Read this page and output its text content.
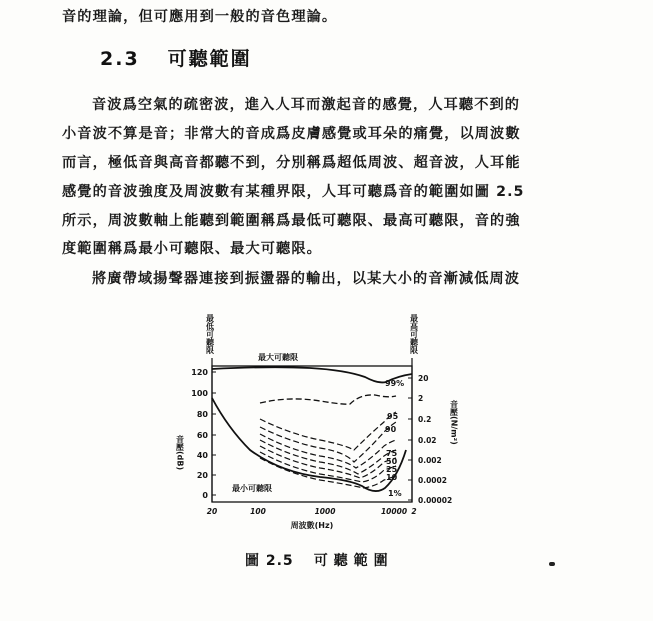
音的理論，但可應用到一般的音色理論。
2.3 可聽範圍
音波爲空氣的疏密波，進入人耳而激起音的感覺，人耳聽不到的
小音波不算是音；非常大的音成爲皮膚感覺或耳朵的痛覺，以周波數
而言，極低音與高音都聽不到，分別稱爲超低周波、超音波，人耳能
感覺的音波強度及周波數有某種界限，人耳可聽爲音的範圍如圖 2.5
所示，周波數軸上能聽到範圍稱爲最低可聽限、最高可聽限，音的強
度範圍稱爲最小可聽限、最大可聽限。
將廣帶域揚聲器連接到振盪器的輸出，以某大小的音漸減低周波
最低可聽限	最高可聽限
最大可聽限
120
100
80
60
40
20
0
音壓(dB)
20
2
0.2
0.02
0.002
0.0002
0.00002
音壓(N/m²)
99%
95
90
75
50
25
10
1%
最小可聽限
20	100	1000	10000 2
周波數(Hz)
圖 2.5 可聽範圍
